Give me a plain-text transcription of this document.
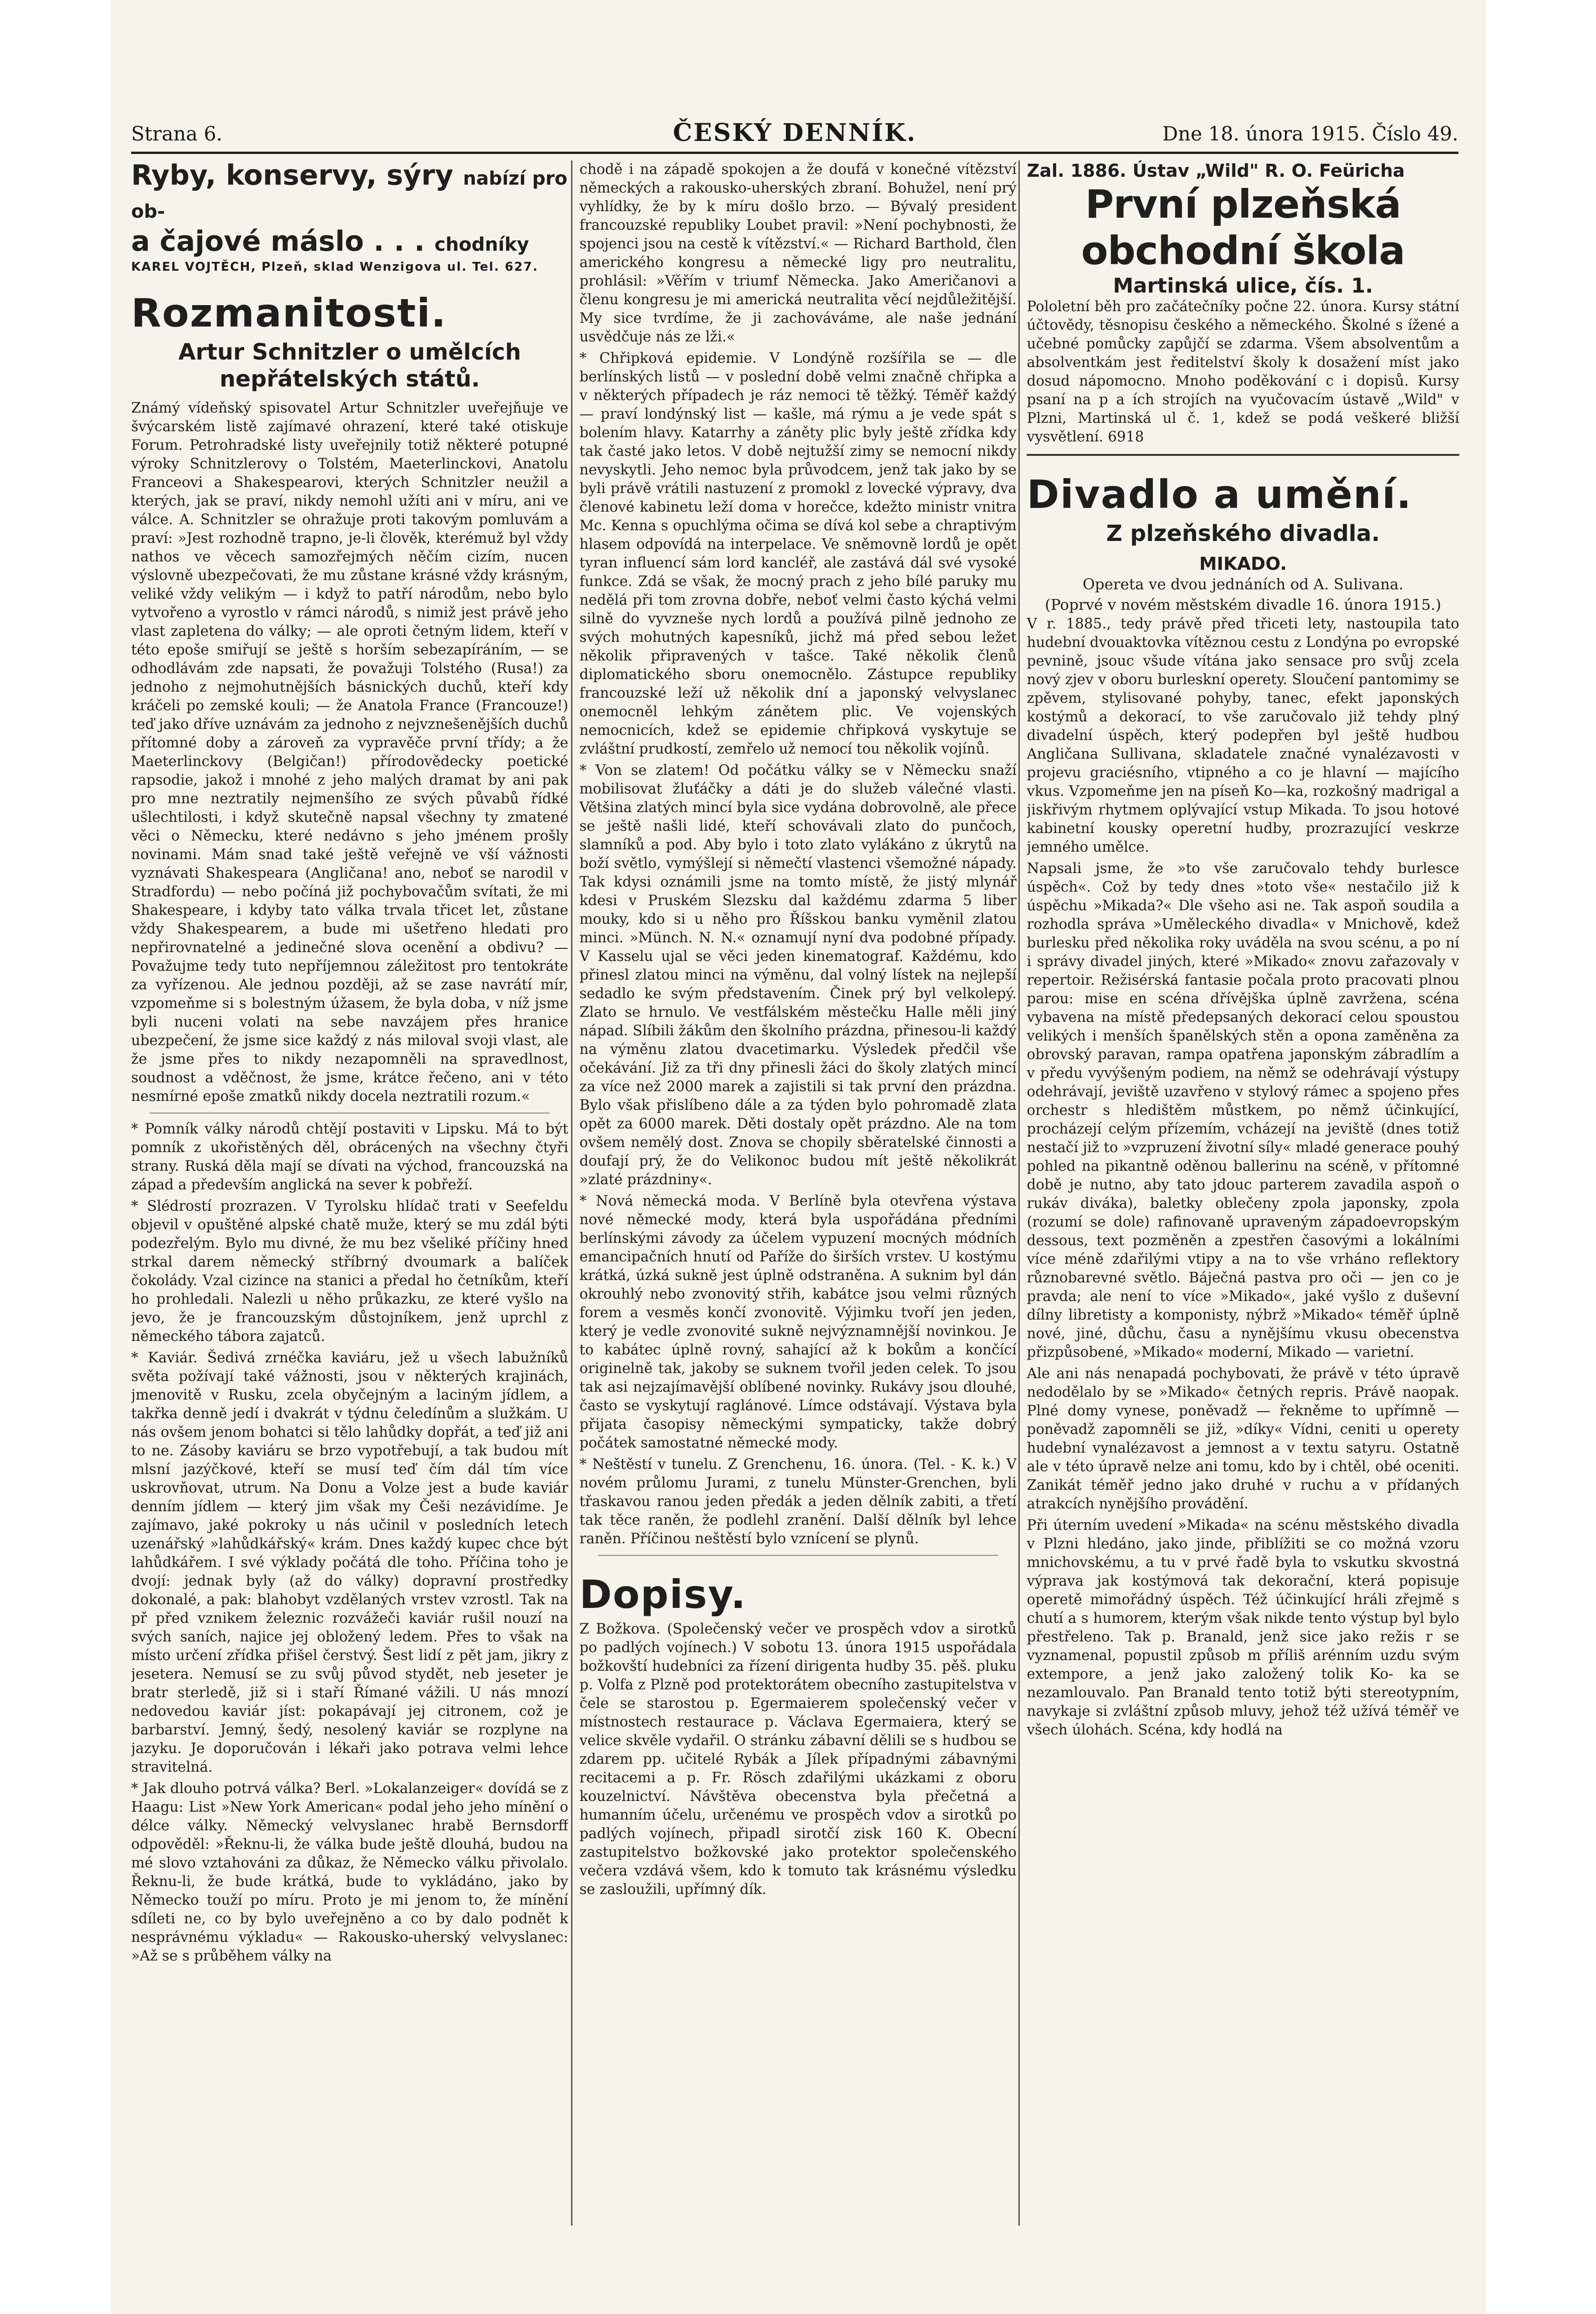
Strana 6.	ČESKÝ DENNÍK.	Dne 18. února 1915. Číslo 49.
Ryby, konservy, sýry nabízí pro ob-
a čajové máslo . . . chodníky
KAREL VOJTĚCH, Plzeň, sklad Wenzigova ul. Tel. 627.
Rozmanitosti.
Artur Schnitzler o umělcích nepřátelských států.

Známý vídeňský spisovatel Artur Schnitzler uveřejňuje ve švýcarském listě zajímavé ohrazení, které také otiskuje Forum. Petrohradské listy uveřejnily totiž některé potupné výroky Schnitzlerovy o Tolstém, Maeterlinckovi, Anatolu Franceovi a Shakespearovi, kterých Schnitzler neužil a kterých, jak se praví, nikdy nemohl užíti ani v míru, ani ve válce. A. Schnitzler se ohražuje proti takovým pomluvám a praví: »Jest rozhodně trapno, je-li člověk, kterémuž byl vždy nathos ve věcech samozřejmých něčím cizím, nucen výslovně ubezpečovati, že mu zůstane krásné vždy krásným, veliké vždy velikým — i když to patří národům, nebo bylo vytvořeno a vyrostlo v rámci národů, s nimiž jest právě jeho vlast zapletena do války; — ale oproti četným lidem, kteří v této epoše smiřují se ještě s horším sebezapíráním, — se odhodlávám zde napsati, že považuji Tolstého (Rusa!) za jednoho z nejmohutnějších básnických duchů, kteří kdy kráčeli po zemské kouli; — že Anatola France (Francouze!) teď jako dříve uznávám za jednoho z nejvznešenějších duchů přítomné doby a zároveň za vypravěče první třídy; a že Maeterlinckovy (Belgičan!) přírodovědecky poetické rapsodie, jakož i mnohé z jeho malých dramat by ani pak pro mne neztratily nejmenšího ze svých půvabů řídké ušlechtilosti, i když skutečně napsal všechny ty zmatené věci o Německu, které nedávno s jeho jménem prošly novinami. Mám snad také ještě veřejně ve vší vážnosti vyznávati Shakespeara (Angličana! ano, neboť se narodil v Stradfordu) — nebo počíná již pochybovačům svítati, že mi Shakespeare, i kdyby tato válka trvala třicet let, zůstane vždy Shakespearem, a bude mi ušetřeno hledati pro nepřirovnatelné a jedinečné slova ocenění a obdivu? — Považujme tedy tuto nepříjemnou záležitost pro tentokráte za vyřízenou. Ale jednou později, až se zase navrátí mír, vzpomeňme si s bolestným úžasem, že byla doba, v níž jsme byli nuceni volati na sebe navzájem přes hranice ubezpečení, že jsme sice každý z nás miloval svoji vlast, ale že jsme přes to nikdy nezapomněli na spravedlnost, soudnost a vděčnost, že jsme, krátce řečeno, ani v této nesmírné epoše zmatků nikdy docela neztratili rozum.«

* Pomník války národů chtějí postaviti v Lipsku. Má to být pomník z ukořistěných děl, obrácených na všechny čtyři strany. Ruská děla mají se dívati na východ, francouzská na západ a především anglická na sever k pobřeží.

* Slédrostí prozrazen. V Tyrolsku hlídač trati v Seefeldu objevil v opuštěné alpské chatě muže, který se mu zdál býti podezřelým. Bylo mu divné, že mu bez všeliké příčiny hned strkal darem německý stříbrný dvoumark a balíček čokolády. Vzal cizince na stanici a předal ho četníkům, kteří ho prohledali. Nalezli u něho průkazku, ze které vyšlo na jevo, že je francouzským důstojníkem, jenž uprchl z německého tábora zajatců.

* Kaviár. Šedivá zrnéčka kaviáru, jež u všech labužníků světa požívají také vážnosti, jsou v některých krajinách, jmenovitě v Rusku, zcela obyčejným a laciným jídlem, a takřka denně jedí i dvakrát v týdnu čeledínům a služkám. U nás ovšem jenom bohatci si tělo lahůdky dopřát, a teď již ani to ne. Zásoby kaviáru se brzo vypotřebují, a tak budou mít mlsní jazýčkové, kteří se musí teď čím dál tím více uskrovňovat, utrum. Na Donu a Volze jest a bude kaviár denním jídlem — který jim však my Češi nezávidíme. Je zajímavo, jaké pokroky u nás učinil v posledních letech uzenářský »lahůdkářský« krám. Dnes každý kupec chce být lahůdkářem. I své výklady počátá dle toho. Příčina toho je dvojí: jednak byly (až do války) dopravní prostředky dokonalé, a pak: blahobyt vzdělaných vrstev vzrostl. Tak na př před vznikem železnic rozvážeči kaviár rušil nouzí na svých saních, najice jej obložený ledem. Přes to však na místo určení zřídka přišel čerstvý. Šest lidí z pět jam, jikry z jesetera. Nemusí se zu svůj původ stydět, neb jeseter je bratr sterledě, již si i staří Římané vážili. U nás mnozí nedovedou kaviár jíst: pokapávají jej citronem, což je barbarství. Jemný, šedý, nesolený kaviár se rozplyne na jazyku. Je doporučován i lékaři jako potrava velmi lehce stravitelná.

* Jak dlouho potrvá válka? Berl. »Lokalanzeiger« dovídá se z Haagu: List »New York American« podal jeho jeho mínění o délce války. Německý velvyslanec hrabě Bernsdorff odpověděl: »Řeknu-li, že válka bude ještě dlouhá, budou na mé slovo vztahováni za důkaz, že Německo válku přivolalo. Řeknu-li, že bude krátká, bude to vykládáno, jako by Německo touží po míru. Proto je mi jenom to, že mínění sdíleti ne, co by bylo uveřejněno a co by dalo podnět k nesprávnému výkladu« — Rakousko-uherský velvyslanec: »Až se s průběhem války na

chodě i na západě spokojen a že doufá v konečné vítězství německých a rakousko-uherských zbraní. Bohužel, není prý vyhlídky, že by k míru došlo brzo. — Bývalý president francouzské republiky Loubet pravil: »Není pochybnosti, že spojenci jsou na cestě k vítězství.« — Richard Barthold, člen amerického kongresu a německé ligy pro neutralitu, prohlásil: »Věřím v triumf Německa. Jako Američanovi a členu kongresu je mi americká neutralita věcí nejdůležitější. My sice tvrdíme, že ji zachováváme, ale naše jednání usvědčuje nás ze lži.«

* Chřipková epidemie. V Londýně rozšířila se — dle berlínských listů — v poslední době velmi značně chřipka a v některých případech je ráz nemoci tě těžký. Téměř každý — praví londýnský list — kašle, má rýmu a je vede spát s bolením hlavy. Katarrhy a záněty plic byly ještě zřídka kdy tak časté jako letos. V době nejtužší zimy se nemocní nikdy nevyskytli. Jeho nemoc byla průvodcem, jenž tak jako by se byli právě vrátili nastuzení z promokl z lovecké výpravy, dva členové kabinetu leží doma v horečce, kdežto ministr vnitra Mc. Kenna s opuchlýma očima se dívá kol sebe a chraptivým hlasem odpovídá na interpelace. Ve sněmovně lordů je opět tyran influencí sám lord kancléř, ale zastává dál své vysoké funkce. Zdá se však, že mocný prach z jeho bílé paruky mu nedělá při tom zrovna dobře, neboť velmi často kýchá velmi silně do vyvzneše nych lordů a používá pilně jednoho ze svých mohutných kapesníků, jichž má před sebou ležet několik připravených v tašce. Také několik členů diplomatického sboru onemocnělo. Zástupce republiky francouzské leží už několik dní a japonský velvyslanec onemocněl lehkým zánětem plic. Ve vojenských nemocnicích, kdež se epidemie chřipková vyskytuje se zvláštní prudkostí, zemřelo už nemocí tou několik vojínů.

* Von se zlatem! Od počátku války se v Německu snaží mobilisovat žluťáčky a dáti je do služeb válečné vlasti. Většina zlatých mincí byla sice vydána dobrovolně, ale přece se ještě našli lidé, kteří schovávali zlato do punčoch, slamníků a pod. Aby bylo i toto zlato vylákáno z úkrytů na boží světlo, vymýšlejí si němečtí vlastenci všemožné nápady. Tak kdysi oznámili jsme na tomto místě, že jistý mlynář kdesi v Pruském Slezsku dal každému zdarma 5 liber mouky, kdo si u něho pro Říšskou banku vyměnil zlatou minci. »Münch. N. N.« oznamují nyní dva podobné případy. V Kasselu ujal se věci jeden kinematograf. Každému, kdo přinesl zlatou minci na výměnu, dal volný lístek na nejlepší sedadlo ke svým představením. Činek prý byl velkolepý. Zlato se hrnulo. Ve vestfálském městečku Halle měli jiný nápad. Slíbili žákům den školního prázdna, přinesou-li každý na výměnu zlatou dvacetimarku. Výsledek předčil vše očekávání. Již za tři dny přinesli žáci do školy zlatých mincí za více než 2000 marek a zajistili si tak první den prázdna. Bylo však přislíbeno dále a za týden bylo pohromadě zlata opět za 6000 marek. Děti dostaly opět prázdno. Ale na tom ovšem nemělý dost. Znova se chopily sběratelské činnosti a doufají prý, že do Velikonoc budou mít ještě několikrát »zlaté prázdniny«.

* Nová německá moda. V Berlíně byla otevřena výstava nové německé mody, která byla uspořádána předními berlínskými závody za účelem vypuzení mocných módních emancipačních hnutí od Paříže do širších vrstev. U kostýmu krátká, úzká sukně jest úplně odstraněna. A suknim byl dán okrouhlý nebo zvonovitý střih, kabátce jsou velmi různých forem a vesměs končí zvonovitě. Výjimku tvoří jen jeden, který je vedle zvonovité sukně nejvýznamnější novinkou. Je to kabátec úplně rovný, sahající až k bokům a končící originelně tak, jakoby se suknem tvořil jeden celek. To jsou tak asi nejzajímavější oblíbené novinky. Rukávy jsou dlouhé, často se vyskytují raglánové. Límce odstávají. Výstava byla přijata časopisy německými sympaticky, takže dobrý počátek samostatné německé mody.

* Neštěstí v tunelu. Z Grenchenu, 16. února. (Tel. - K. k.) V novém průlomu Jurami, z tunelu Münster-Grenchen, byli třaskavou ranou jeden předák a jeden dělník zabiti, a třetí tak těce raněn, že podlehl zranění. Další dělník byl lehce raněn. Příčinou neštěstí bylo vznícení se plynů.

Dopisy.

Z Božkova. (Společenský večer ve prospěch vdov a sirotků po padlých vojínech.) V sobotu 13. února 1915 uspořádala božkovští hudebníci za řízení dirigenta hudby 35. pěš. pluku p. Volfa z Plzně pod protektorátem obecního zastupitelstva v čele se starostou p. Egermaierem společenský večer v místnostech restaurace p. Václava Egermaiera, který se velice skvěle vydařil. O stránku zábavní dělili se s hudbou se zdarem pp. učitelé Rybák a Jílek případnými zábavnými recitacemi a p. Fr. Rösch zdařilými ukázkami z oboru kouzelnictví. Návštěva obecenstva byla přečetná a humanním účelu, určenému ve prospěch vdov a sirotků po padlých vojínech, připadl sirotčí zisk 160 K. Obecní zastupitelstvo božkovské jako protektor společenského večera vzdává všem, kdo k tomuto tak krásnému výsledku se zasloužili, upřímný dík.

Zal. 1886. Ústav „Wild" R. O. Feüricha
První plzeňská obchodní škola
Martinská ulice, čís. 1.

Pololetní běh pro začátečníky počne 22. února. Kursy státní účtovědy, těsnopisu českého a německého. Školné s ížené a učebné pomůcky zapůjčí se zdarma. Všem absolventům a absolventkám jest ředitelství školy k dosažení míst jako dosud nápomocno. Mnoho poděkování c i dopisů. Kursy psaní na p a ích strojích na vyučovacím ústavě „Wild" v Plzni, Martinská ul č. 1, kdež se podá veškeré bližší vysvětlení. 6918

Divadlo a umění.
Z plzeňského divadla.
MIKADO.
Opereta ve dvou jednáních od A. Sulivana.
(Poprvé v novém městském divadle 16. února 1915.)

V r. 1885., tedy právě před třiceti lety, nastoupila tato hudební dvouaktovka vítěznou cestu z Londýna po evropské pevnině, jsouc všude vítána jako sensace pro svůj zcela nový zjev v oboru burleskní operety. Sloučení pantomimy se zpěvem, stylisované pohyby, tanec, efekt japonských kostýmů a dekorací, to vše zaručovalo již tehdy plný divadelní úspěch, který podepřen byl ještě hudbou Angličana Sullivana, skladatele značné vynalézavosti v projevu graciésního, vtipného a co je hlavní — majícího vkus. Vzpomeňme jen na píseň Ko—ka, rozkošný madrigal a jiskřivým rhytmem oplývající vstup Mikada. To jsou hotové kabinetní kousky operetní hudby, prozrazující veskrze jemného umělce.

Napsali jsme, že »to vše zaručovalo tehdy burlesce úspěch«. Což by tedy dnes »toto vše« nestačilo již k úspěchu »Mikada?« Dle všeho asi ne. Tak aspoň soudila a rozhodla správa »Uměleckého divadla« v Mnichově, kdež burlesku před několika roky uváděla na svou scénu, a po ní i správy divadel jiných, které »Mikado« znovu zařazovaly v repertoir. Režisérská fantasie počala proto pracovati plnou parou: mise en scéna dřívějška úplně zavržena, scéna vybavena na místě předepsaných dekorací celou spoustou velikých i menších španělských stěn a opona zaměněna za obrovský paravan, rampa opatřena japonským zábradlím a v předu vyvýšeným podiem, na němž se odehrávají výstupy odehrávají, jeviště uzavřeno v stylový rámec a spojeno přes orchestr s hledištěm můstkem, po němž účinkující, procházejí celým přízemím, vcházejí na jeviště (dnes totiž nestačí již to »vzpruzení životní síly« mladé generace pouhý pohled na pikantně oděnou ballerinu na scéně, v přítomné době je nutno, aby tato jdouc parterem zavadila aspoň o rukáv diváka), baletky oblečeny zpola japonsky, zpola (rozumí se dole) rafinovaně upraveným západoevropským dessous, text pozměněn a zpestřen časovými a lokálními více méně zdařilými vtipy a na to vše vrháno reflektory různobarevné světlo. Báječná pastva pro oči — jen co je pravda; ale není to více »Mikado«, jaké vyšlo z duševní dílny libretisty a komponisty, nýbrž »Mikado« téměř úplně nové, jiné, důchu, času a nynějšímu vkusu obecenstva přizpůsobené, »Mikado« moderní, Mikado — varietní.

Ale ani nás nenapadá pochybovati, že právě v této úpravě nedodělalo by se »Mikado« četných repris. Právě naopak. Plné domy vynese, poněvadž — řekněme to upřímně — poněvadž zapomněli se již, »díky« Vídni, ceniti u operety hudební vynalézavost a jemnost a v textu satyru. Ostatně ale v této úpravě nelze ani tomu, kdo by i chtěl, obé oceniti. Zanikát téměř jedno jako druhé v ruchu a v přídaných atrakcích nynějšího provádění.

Při úterním uvedení »Mikada« na scénu městského divadla v Plzni hledáno, jako jinde, přiblížiti se co možná vzoru mnichovskému, a tu v prvé řadě byla to vskutku skvostná výprava jak kostýmová tak dekorační, která popisuje operetě mimořádný úspěch. Též účinkující hráli zřejmě s chutí a s humorem, kterým však nikde tento výstup byl bylo přestřeleno. Tak p. Branald, jenž sice jako režis r se vyznamenal, popustil způsob m příliš arénním uzdu svým extempore, a jenž jako založený tolik Ko- ka se nezamlouvalo. Pan Branald tento totiž býti stereotypním, navykaje si zvláštní způsob mluvy, jehož též užívá téměř ve všech úlohách. Scéna, kdy hodlá na
